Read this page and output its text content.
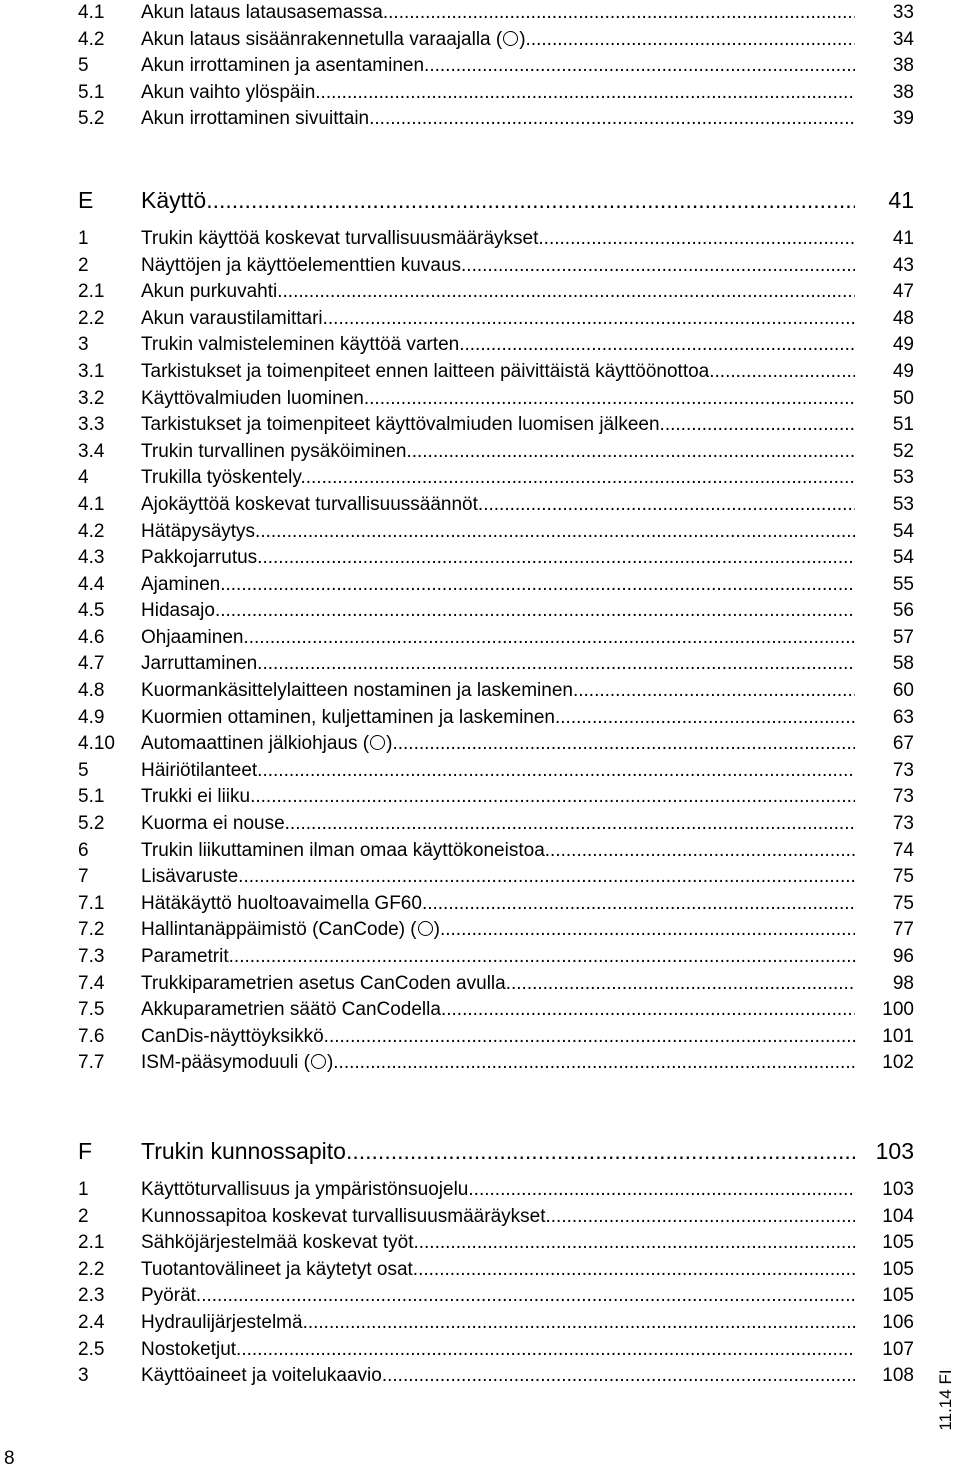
4.1 Akun lataus latausasemassa .....	33
4.2 Akun lataus sisäänrakennetulla varaajalla ( ) .....	34
5	Akun irrottaminen ja asentaminen .....	38
5.1 Akun vaihto ylöspäin .....	38
5.2 Akun irrottaminen sivuittain .....	39
E Käyttö .....	41
1	Trukin käyttöä koskevat turvallisuusmääräykset .....	41
2	Näyttöjen ja käyttöelementtien kuvaus .....	43
2.1 Akun purkuvahti .....	47
2.2 Akun varaustilamittari .....	48
3	Trukin valmisteleminen käyttöä varten .....	49
3.1 Tarkistukset ja toimenpiteet ennen laitteen päivittäistä käyttöönottoa .....	49
3.2 Käyttövalmiuden luominen .....	50
3.3 Tarkistukset ja toimenpiteet käyttövalmiuden luomisen jälkeen .....	51
3.4 Trukin turvallinen pysäköiminen .....	52
4	Trukilla työskentely .....	53
4.1 Ajokäyttöä koskevat turvallisuussäännöt .....	53
4.2 Hätäpysäytys .....	54
4.3 Pakkojarrutus .....	54
4.4 Ajaminen .....	55
4.5 Hidasajo .....	56
4.6 Ohjaaminen .....	57
4.7 Jarruttaminen .....	58
4.8 Kuormankäsittelylaitteen nostaminen ja laskeminen .....	60
4.9 Kuormien ottaminen, kuljettaminen ja laskeminen .....	63
4.10 Automaattinen jälkiohjaus ( ) .....	67
5	Häiriötilanteet .....	73
5.1 Trukki ei liiku .....	73
5.2 Kuorma ei nouse. .....	73
6	Trukin liikuttaminen ilman omaa käyttökoneistoa .....	74
7	Lisävaruste .....	75
7.1 Hätäkäyttö huoltoavaimella GF60 .....	75
7.2 Hallintanäppäimistö (CanCode) ( ) .....	77
7.3 Parametrit .....	96
7.4 Trukkiparametrien asetus CanCoden avulla .....	98
7.5 Akkuparametrien säätö CanCodella .....	100
7.6 CanDis-näyttöyksikkö .....	101
7.7 ISM-pääsymoduuli ( ) .....	102
F Trukin kunnossapito .....	103
1	Käyttöturvallisuus ja ympäristönsuojelu .....	103
2	Kunnossapitoa koskevat turvallisuusmääräykset .....	104
2.1 Sähköjärjestelmää koskevat työt .....	105
2.2 Tuotantovälineet ja käytetyt osat .....	105
2.3 Pyörät .....	105
2.4 Hydraulijärjestelmä .....	106
2.5 Nostoketjut .....	107
3	Käyttöaineet ja voitelukaavio .....	108 11.14 FI
8
